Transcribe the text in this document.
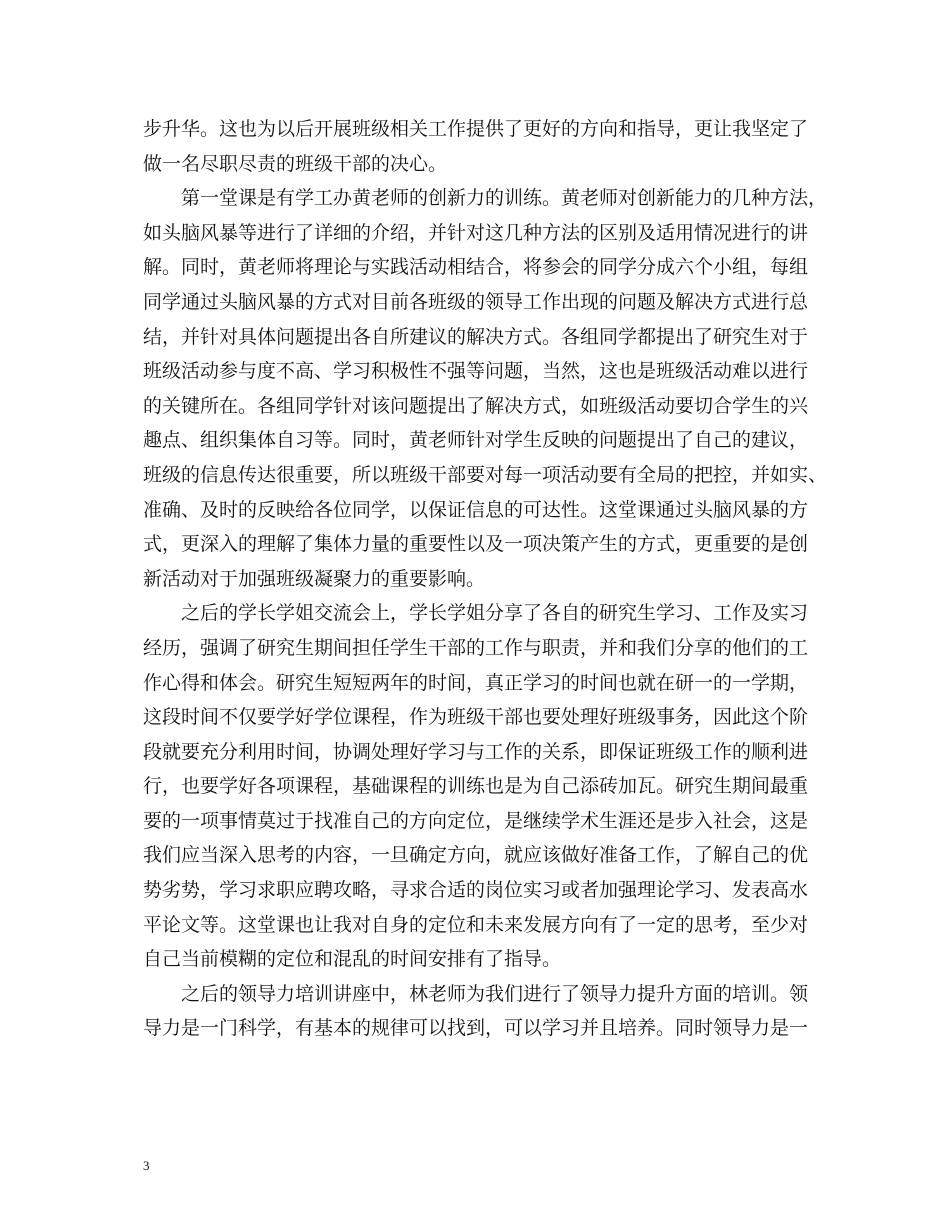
步升华。这也为以后开展班级相关工作提供了更好的方向和指导，更让我坚定了
做一名尽职尽责的班级干部的决心。
　　第一堂课是有学工办黄老师的创新力的训练。黄老师对创新能力的几种方法，
如头脑风暴等进行了详细的介绍，并针对这几种方法的区别及适用情况进行的讲
解。同时，黄老师将理论与实践活动相结合，将参会的同学分成六个小组，每组
同学通过头脑风暴的方式对目前各班级的领导工作出现的问题及解决方式进行总
结，并针对具体问题提出各自所建议的解决方式。各组同学都提出了研究生对于
班级活动参与度不高、学习积极性不强等问题，当然，这也是班级活动难以进行
的关键所在。各组同学针对该问题提出了解决方式，如班级活动要切合学生的兴
趣点、组织集体自习等。同时，黄老师针对学生反映的问题提出了自己的建议，
班级的信息传达很重要，所以班级干部要对每一项活动要有全局的把控，并如实、
准确、及时的反映给各位同学，以保证信息的可达性。这堂课通过头脑风暴的方
式，更深入的理解了集体力量的重要性以及一项决策产生的方式，更重要的是创
新活动对于加强班级凝聚力的重要影响。
　　之后的学长学姐交流会上，学长学姐分享了各自的研究生学习、工作及实习
经历，强调了研究生期间担任学生干部的工作与职责，并和我们分享的他们的工
作心得和体会。研究生短短两年的时间，真正学习的时间也就在研一的一学期，
这段时间不仅要学好学位课程，作为班级干部也要处理好班级事务，因此这个阶
段就要充分利用时间，协调处理好学习与工作的关系，即保证班级工作的顺利进
行，也要学好各项课程，基础课程的训练也是为自己添砖加瓦。研究生期间最重
要的一项事情莫过于找准自己的方向定位，是继续学术生涯还是步入社会，这是
我们应当深入思考的内容，一旦确定方向，就应该做好准备工作，了解自己的优
势劣势，学习求职应聘攻略，寻求合适的岗位实习或者加强理论学习、发表高水
平论文等。这堂课也让我对自身的定位和未来发展方向有了一定的思考，至少对
自己当前模糊的定位和混乱的时间安排有了指导。
　　之后的领导力培训讲座中，林老师为我们进行了领导力提升方面的培训。领
导力是一门科学，有基本的规律可以找到，可以学习并且培养。同时领导力是一
3
